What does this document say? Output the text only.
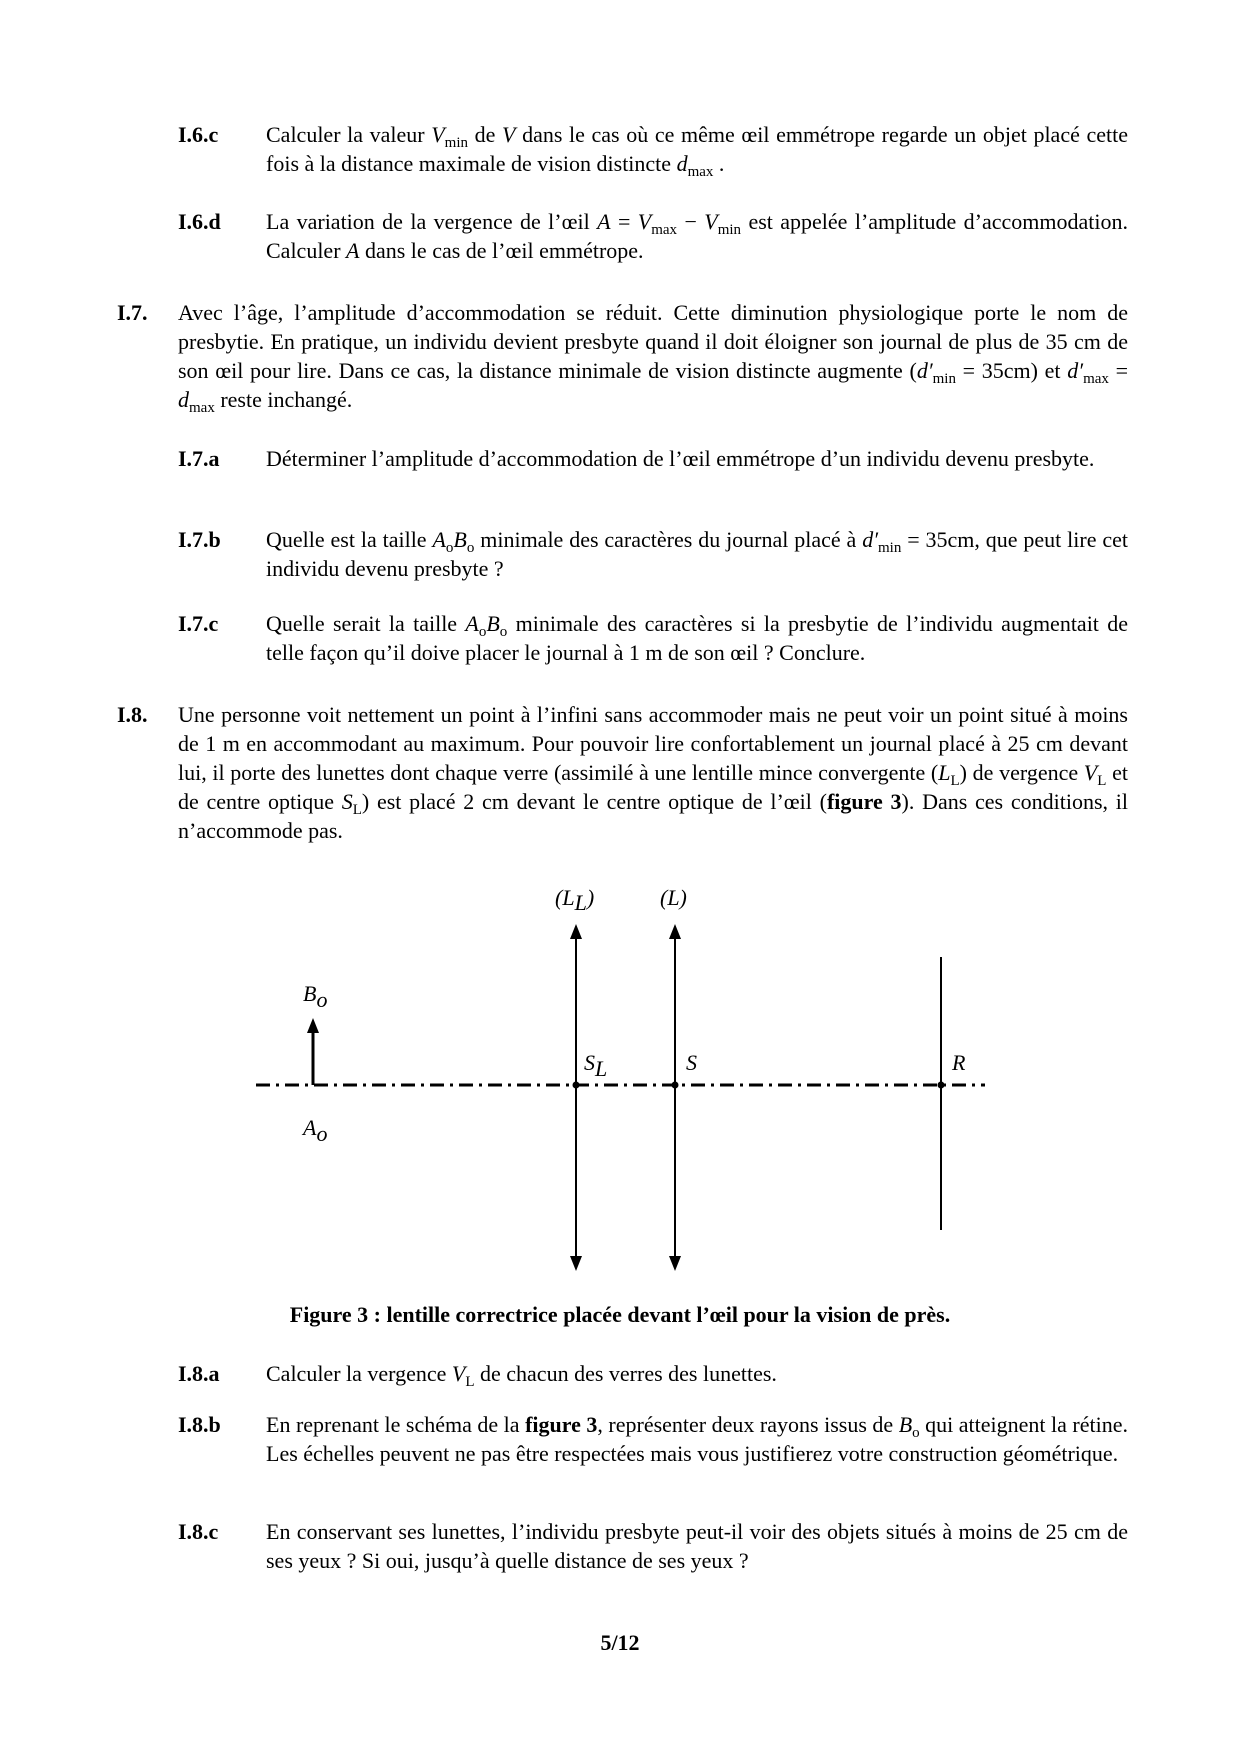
I.6.c	Calculer la valeur $V_{min}$ de V dans le cas où ce même œil emmétrope regarde un objet placé cette fois à la distance maximale de vision distincte $d_{max}$ .
I.6.d	La variation de la vergence de l’œil $A = V_{max} - V_{min}$ est appelée l’amplitude d’accommodation. Calculer A dans le cas de l’œil emmétrope.
I.7.	Avec l’âge, l’amplitude d’accommodation se réduit. Cette diminution physiologique porte le nom de presbytie. En pratique, un individu devient presbyte quand il doit éloigner son journal de plus de 35 cm de son œil pour lire. Dans ce cas, la distance minimale de vision distincte augmente $(d'_{min} = 35cm)$ et $d'_{max} = d_{max}$ reste inchangé.
I.7.a	Déterminer l’amplitude d’accommodation de l’œil emmétrope d’un individu devenu presbyte.
I.7.b	Quelle est la taille $A_oB_o$ minimale des caractères du journal placé à $d'_{min} = 35cm$, que peut lire cet individu devenu presbyte ?
I.7.c	Quelle serait la taille $A_oB_o$ minimale des caractères si la presbytie de l’individu augmentait de telle façon qu’il doive placer le journal à 1 m de son œil ? Conclure.
I.8.	Une personne voit nettement un point à l’infini sans accommoder mais ne peut voir un point situé à moins de 1 m en accommodant au maximum. Pour pouvoir lire confortablement un journal placé à 25 cm devant lui, il porte des lunettes dont chaque verre (assimilé à une lentille mince convergente $(L_L)$ de vergence $V_L$ et de centre optique $S_L$) est placé 2 cm devant le centre optique de l’œil (figure 3). Dans ces conditions, il n’accommode pas.
(LL)	(L)
Bo
Ao
SL	S	R
Figure 3 : lentille correctrice placée devant l’œil pour la vision de près.
I.8.a	Calculer la vergence $V_L$ de chacun des verres des lunettes.
I.8.b	En reprenant le schéma de la figure 3, représenter deux rayons issus de $B_o$ qui atteignent la rétine. Les échelles peuvent ne pas être respectées mais vous justifierez votre construction géométrique.
I.8.c	En conservant ses lunettes, l’individu presbyte peut-il voir des objets situés à moins de 25 cm de ses yeux ? Si oui, jusqu’à quelle distance de ses yeux ?
5/12
